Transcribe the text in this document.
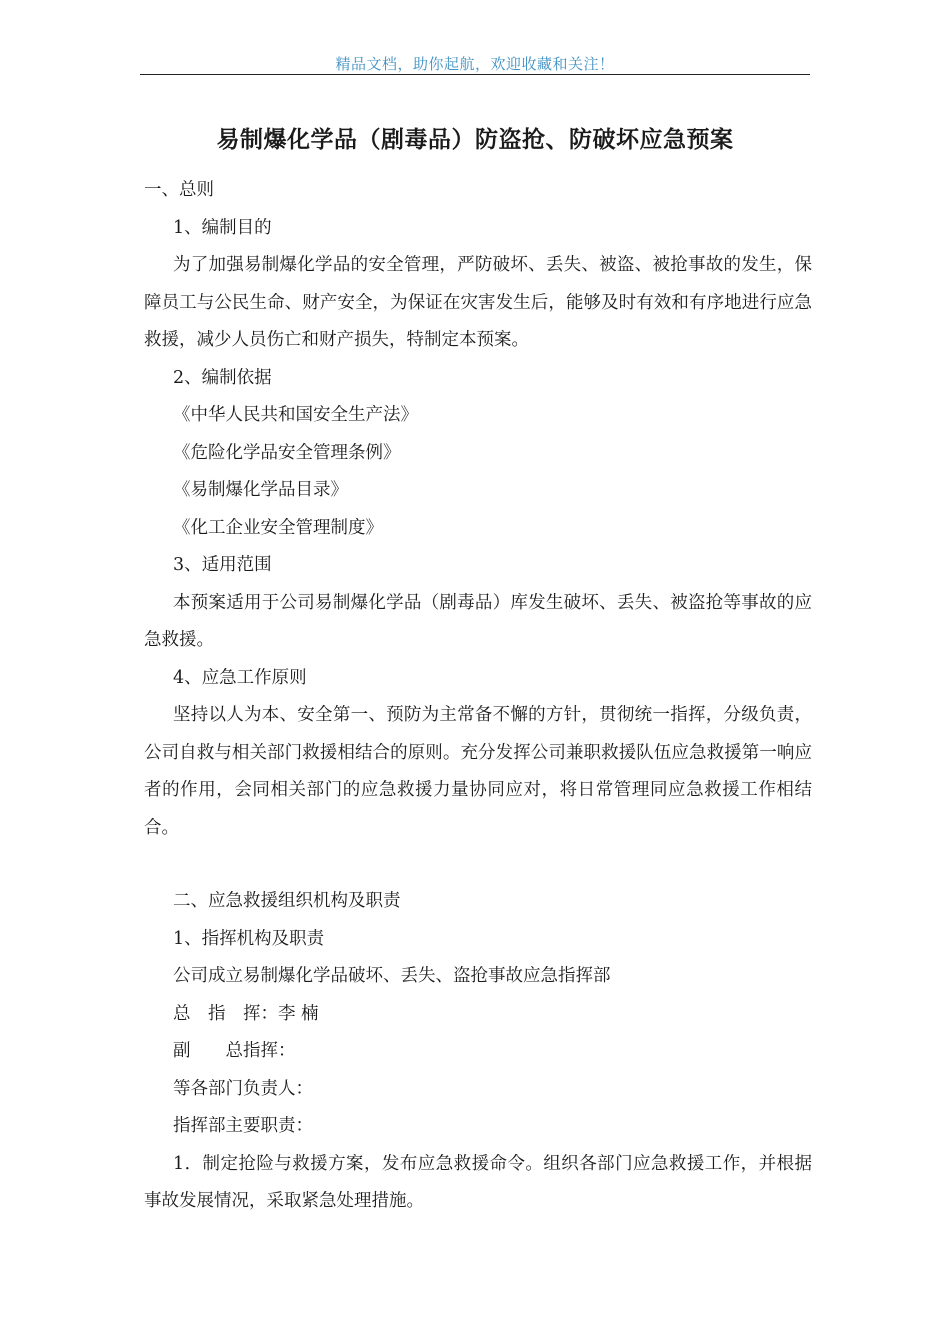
精品文档，助你起航，欢迎收藏和关注！
易制爆化学品（剧毒品）防盗抢、防破坏应急预案
一、总则
1、编制目的
为了加强易制爆化学品的安全管理，严防破坏、丢失、被盗、被抢事故的发生，保障员工与公民生命、财产安全，为保证在灾害发生后，能够及时有效和有序地进行应急救援，减少人员伤亡和财产损失，特制定本预案。
2、编制依据
《中华人民共和国安全生产法》
《危险化学品安全管理条例》
《易制爆化学品目录》
《化工企业安全管理制度》
3、适用范围
本预案适用于公司易制爆化学品（剧毒品）库发生破坏、丢失、被盗抢等事故的应急救援。
4、应急工作原则
坚持以人为本、安全第一、预防为主常备不懈的方针，贯彻统一指挥，分级负责，公司自救与相关部门救援相结合的原则。充分发挥公司兼职救援队伍应急救援第一响应者的作用，会同相关部门的应急救援力量协同应对，将日常管理同应急救援工作相结合。
二、应急救援组织机构及职责
1、指挥机构及职责
公司成立易制爆化学品破坏、丢失、盗抢事故应急指挥部
总　指　挥：李 楠
副　　总指挥：
等各部门负责人：
指挥部主要职责：
1．制定抢险与救援方案，发布应急救援命令。组织各部门应急救援工作，并根据事故发展情况，采取紧急处理措施。
